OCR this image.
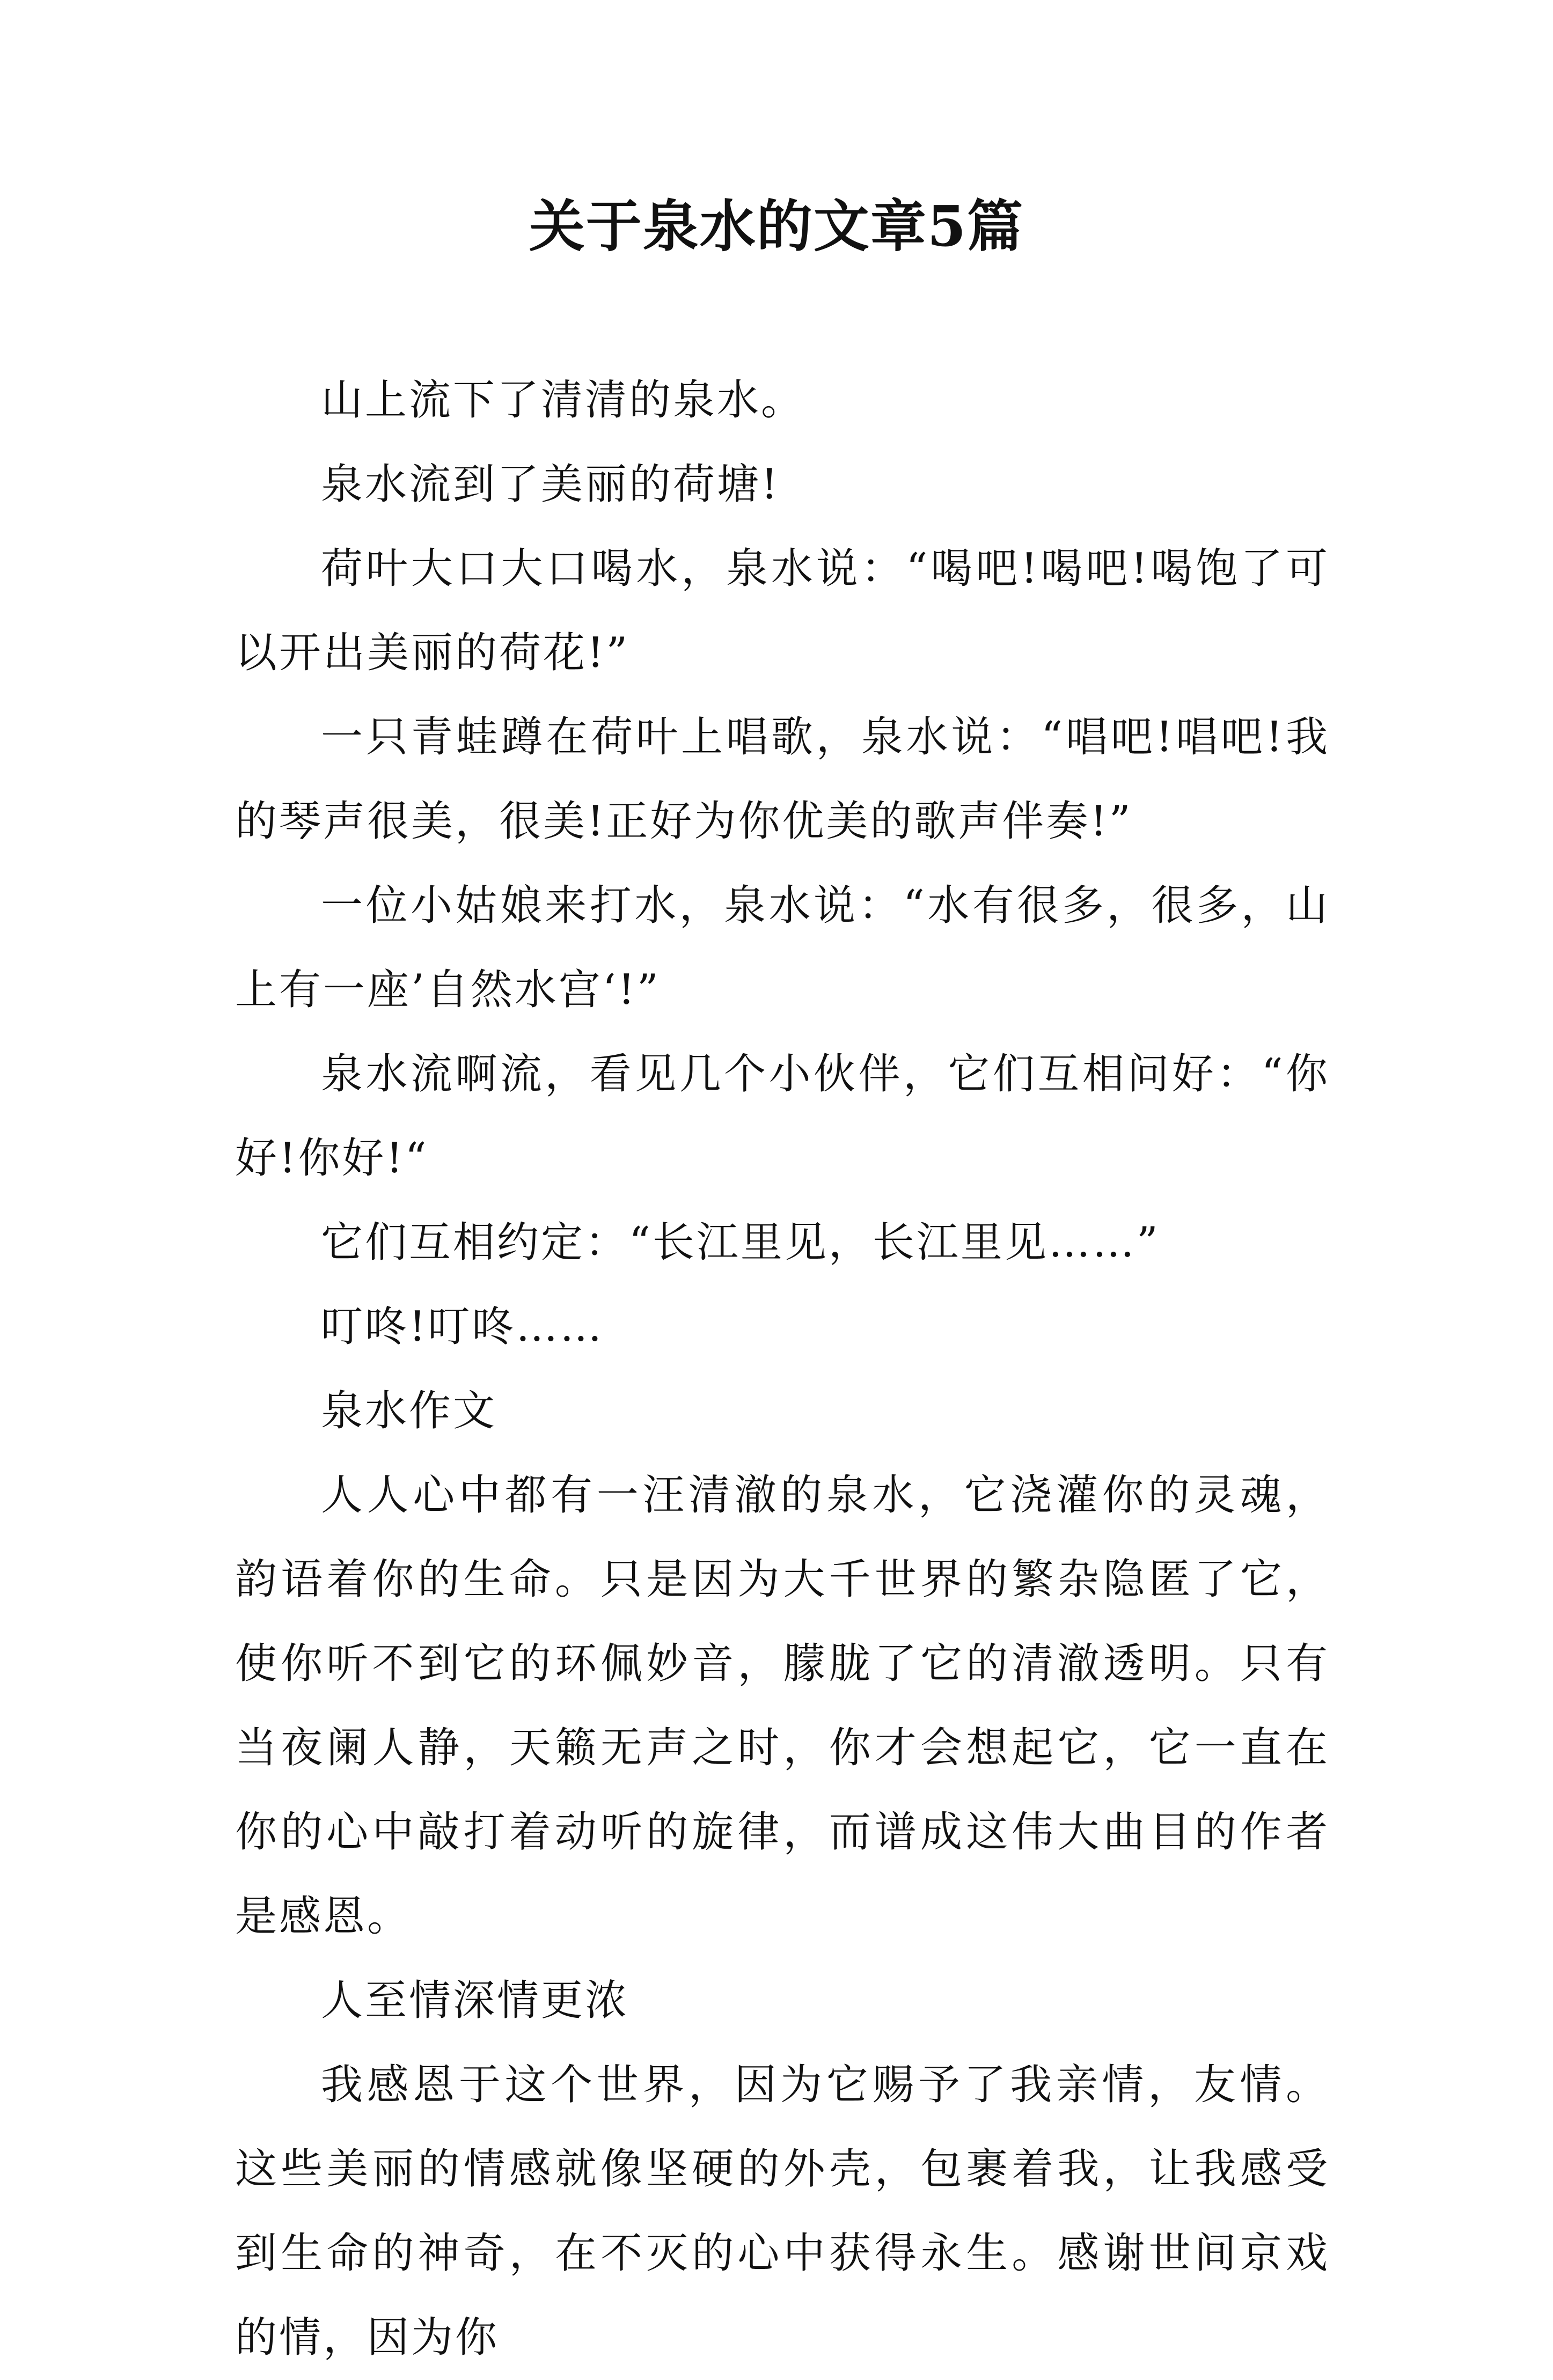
关于泉水的文章5篇

山上流下了清清的泉水。

泉水流到了美丽的荷塘!

荷叶大口大口喝水，泉水说：“喝吧!喝吧!喝饱了可以开出美丽的荷花!”

一只青蛙蹲在荷叶上唱歌，泉水说：“唱吧!唱吧!我的琴声很美，很美!正好为你优美的歌声伴奏!”

一位小姑娘来打水，泉水说：“水有很多，很多，山上有一座’自然水宫‘!”

泉水流啊流，看见几个小伙伴，它们互相问好：“你好!你好!“

它们互相约定：“长江里见，长江里见……”

叮咚!叮咚……

泉水作文

人人心中都有一汪清澈的泉水，它浇灌你的灵魂，韵语着你的生命。只是因为大千世界的繁杂隐匿了它，使你听不到它的环佩妙音，朦胧了它的清澈透明。只有当夜阑人静，天籁无声之时，你才会想起它，它一直在你的心中敲打着动听的旋律，而谱成这伟大曲目的作者是感恩。

人至情深情更浓

我感恩于这个世界，因为它赐予了我亲情，友情。这些美丽的情感就像坚硬的外壳，包裹着我，让我感受到生命的神奇，在不灭的心中获得永生。感谢世间京戏的情，因为你
